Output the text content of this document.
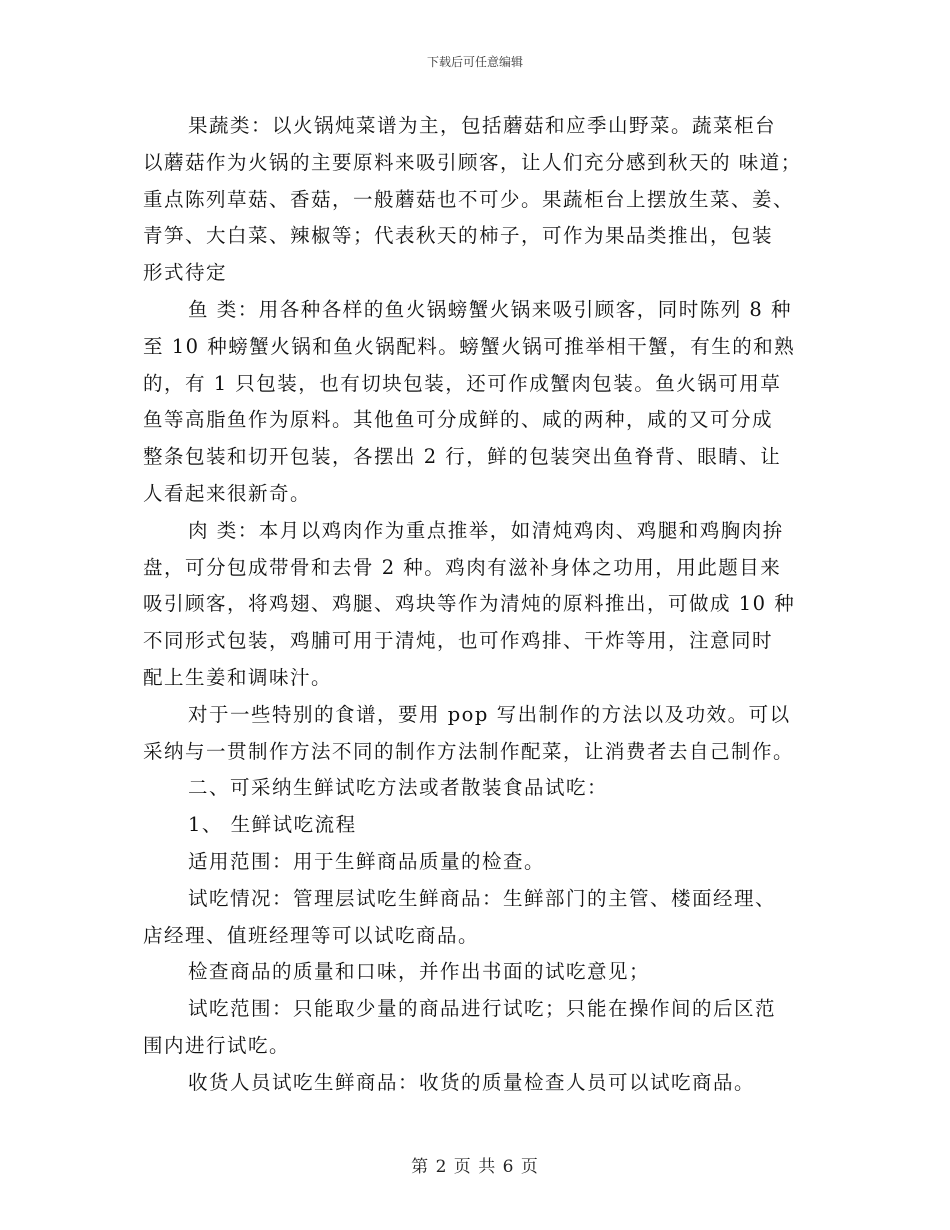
下载后可任意编辑
果蔬类：以火锅炖菜谱为主，包括蘑菇和应季山野菜。蔬菜柜台
以蘑菇作为火锅的主要原料来吸引顾客，让人们充分感到秋天的 味道；
重点陈列草菇、香菇，一般蘑菇也不可少。果蔬柜台上摆放生菜、姜、
青笋、大白菜、辣椒等；代表秋天的柿子，可作为果品类推出，包装
形式待定
鱼 类：用各种各样的鱼火锅螃蟹火锅来吸引顾客，同时陈列 8 种
至 10 种螃蟹火锅和鱼火锅配料。螃蟹火锅可推举相干蟹，有生的和熟
的，有 1 只包装，也有切块包装，还可作成蟹肉包装。鱼火锅可用草
鱼等高脂鱼作为原料。其他鱼可分成鲜的、咸的两种，咸的又可分成
整条包装和切开包装，各摆出 2 行，鲜的包装突出鱼脊背、眼睛、让
人看起来很新奇。
肉 类：本月以鸡肉作为重点推举，如清炖鸡肉、鸡腿和鸡胸肉拚
盘，可分包成带骨和去骨 2 种。鸡肉有滋补身体之功用，用此题目来
吸引顾客，将鸡翅、鸡腿、鸡块等作为清炖的原料推出，可做成 10 种
不同形式包装，鸡脯可用于清炖，也可作鸡排、干炸等用，注意同时
配上生姜和调味汁。
对于一些特别的食谱，要用 pop 写出制作的方法以及功效。可以
采纳与一贯制作方法不同的制作方法制作配菜，让消费者去自己制作。
二、可采纳生鲜试吃方法或者散装食品试吃：
1、 生鲜试吃流程
适用范围：用于生鲜商品质量的检查。
试吃情况：管理层试吃生鲜商品：生鲜部门的主管、楼面经理、
店经理、值班经理等可以试吃商品。
检查商品的质量和口味，并作出书面的试吃意见；
试吃范围：只能取少量的商品进行试吃；只能在操作间的后区范
围内进行试吃。
收货人员试吃生鲜商品：收货的质量检查人员可以试吃商品。
第 2 页 共 6 页
